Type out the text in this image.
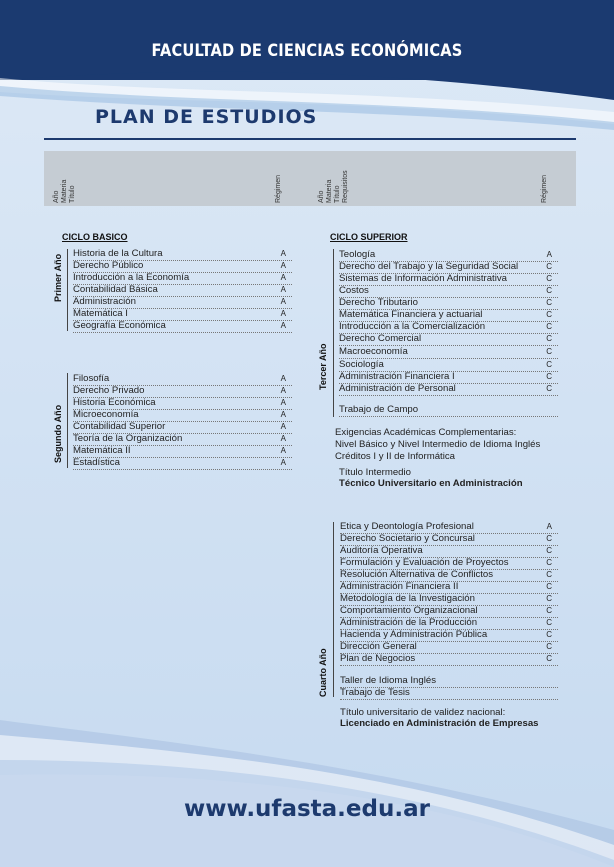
FACULTAD DE CIENCIAS ECONÓMICAS
PLAN DE ESTUDIOS
Año Materia Título	Régimen	Año Materia Título Requisitos	Régimen
CICLO BASICO
Primer Año
Historia de la Cultura	A
Derecho Público	A
Introducción a la Economía	A
Contabilidad Básica	A
Administración	A
Matemática I	A
Geografía Económica	A
Segundo Año
Filosofía	A
Derecho Privado	A
Historia Económica	A
Microeconomía	A
Contabilidad Superior	A
Teoría de la Organización	A
Matemática II	A
Estadística	A
CICLO SUPERIOR
Tercer Año
Teología	A
Derecho del Trabajo y la Seguridad Social	C
Sistemas de Información Administrativa	C
Costos	C
Derecho Tributario	C
Matemática Financiera y actuarial	C
Introducción a la Comercialización	C
Derecho Comercial	C
Macroeconomía	C
Sociología	C
Administración Financiera I	C
Administración de Personal	C
Trabajo de Campo
Exigencias Académicas Complementarias:
Nivel Básico y Nivel Intermedio de Idioma Inglés
Créditos I y II de Informática
Título Intermedio
Técnico Universitario en Administración
Cuarto Año
Etica y Deontología Profesional	A
Derecho Societario y Concursal	C
Auditoría Operativa	C
Formulación y Evaluación de Proyectos	C
Resolución Alternativa de Conflictos	C
Administración Financiera II	C
Metodología de la Investigación	C
Comportamiento Organizacional	C
Administración de la Producción	C
Hacienda y Administración Pública	C
Dirección General	C
Plan de Negocios	C
Taller de Idioma Inglés
Trabajo de Tesis
Título universitario de validez nacional:
Licenciado en Administración de Empresas
www.ufasta.edu.ar
